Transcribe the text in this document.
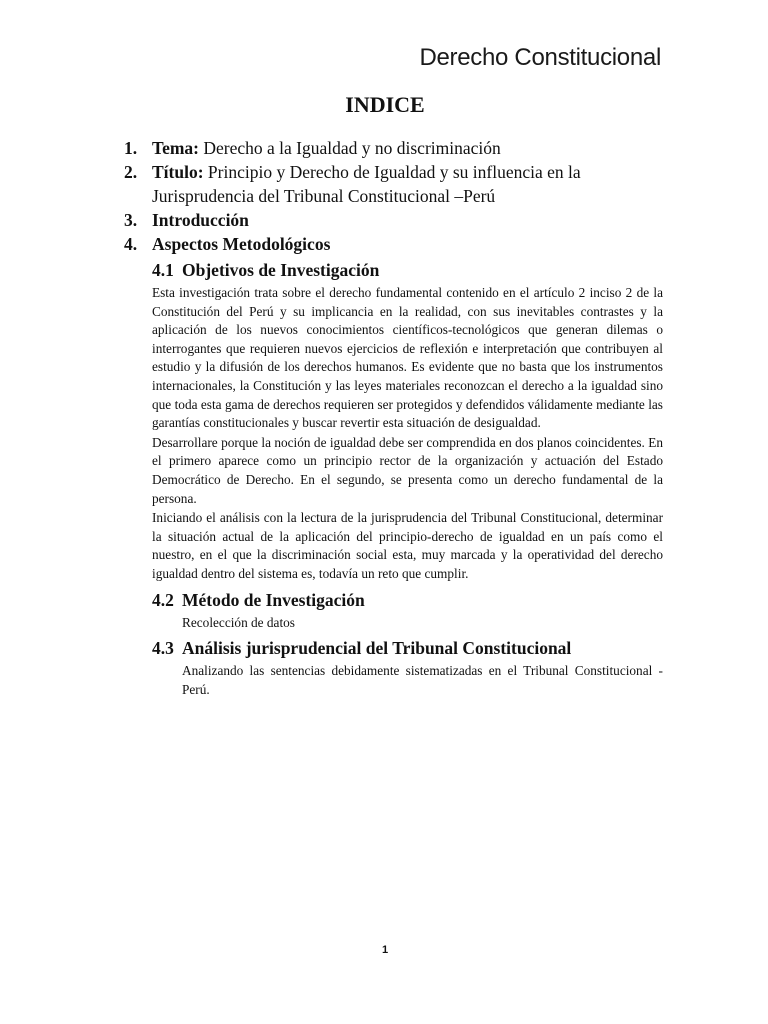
Derecho Constitucional
INDICE
1. Tema: Derecho a la Igualdad y no discriminación
2. Título: Principio y Derecho de Igualdad y su influencia en la Jurisprudencia del Tribunal Constitucional –Perú
3. Introducción
4. Aspectos Metodológicos
4.1 Objetivos de Investigación
Esta investigación trata sobre el derecho fundamental contenido en el artículo 2 inciso 2 de la Constitución del Perú y su implicancia en la realidad, con sus inevitables contrastes y la aplicación de los nuevos conocimientos científicos-tecnológicos que generan dilemas o interrogantes que requieren nuevos ejercicios de reflexión e interpretación que contribuyen al estudio y la difusión de los derechos humanos. Es evidente que no basta que los instrumentos internacionales, la Constitución y las leyes materiales reconozcan el derecho a la igualdad sino que toda esta gama de derechos requieren ser protegidos y defendidos válidamente mediante las garantías constitucionales y buscar revertir esta situación de desigualdad.
Desarrollare porque la noción de igualdad debe ser comprendida en dos planos coincidentes. En el primero aparece como un principio rector de la organización y actuación del Estado Democrático de Derecho. En el segundo, se presenta como un derecho fundamental de la persona.
Iniciando el análisis con la lectura de la jurisprudencia del Tribunal Constitucional, determinar la situación actual de la aplicación del principio-derecho de igualdad en un país como el nuestro, en el que la discriminación social esta, muy marcada y la operatividad del derecho igualdad dentro del sistema es, todavía un reto que cumplir.
4.2 Método de Investigación
Recolección de datos
4.3 Análisis jurisprudencial del Tribunal Constitucional
Analizando las sentencias debidamente sistematizadas en el Tribunal Constitucional - Perú.
1
